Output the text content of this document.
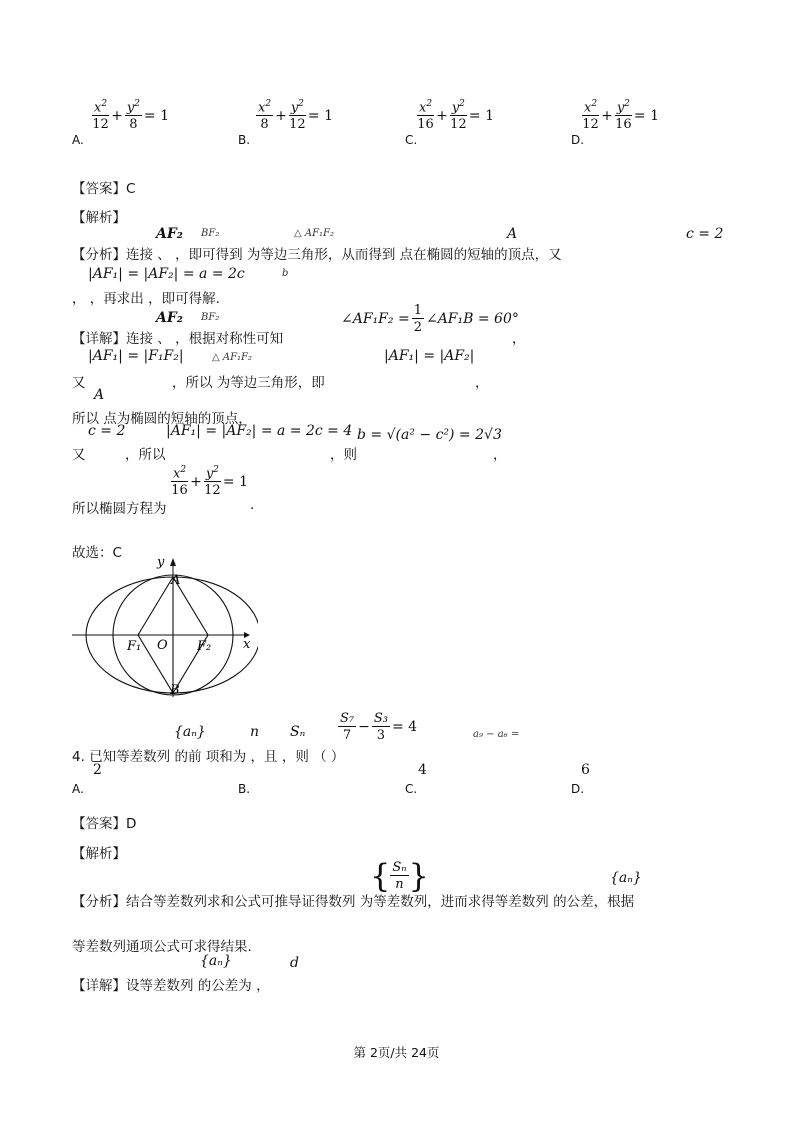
A.
$\frac{x^2}{12} + \frac{y^2}{8} = 1$
B.
$\frac{x^2}{8} + \frac{y^2}{12} = 1$
C.
$\frac{x^2}{16} + \frac{y^2}{12} = 1$
D.
$\frac{x^2}{12} + \frac{y^2}{16} = 1$
【答案】C
【解析】
AF₂ BF₂	△ AF₁F₂	A	c = 2
【分析】连接 、 ，即可得到 为等边三角形，从而得到 点在椭圆的短轴的顶点，又
|AF₁| = |AF₂| = a = 2c	b
， ，再求出 ，即可得解.
AF₂ BF₂	∠AF₁F₂ = $\frac{1}{2}$ ∠AF₁B = 60°
【详解】连接 、 ，根据对称性可知	，
|AF₁| = |F₁F₂|	△ AF₁F₂	|AF₁| = |AF₂|
又	，所以 为等边三角形，即	，
A
所以 点为椭圆的短轴的顶点，
c = 2	|AF₁| = |AF₂| = a = 2c = 4 b = √(a² − c²) = 2√3
又	，所以	，则	，
所以椭圆方程为
$\frac{x^2}{16} + \frac{y^2}{12} = 1$
.
故选：C
y
x
A
B
O
F₁	F₂
{aₙ}	n Sₙ	$\frac{\text{S₇}}{7} - \frac{\text{S₃}}{3} = 4$	a₉ − a₆ =
4. 已知等差数列 的前 项和为 ，且 ，则 （ ）
A.
2
B.	C.
4
D.
6
【答案】D
【解析】
{ $\frac{\text{Sₙ}}{n}$ }	{aₙ}
【分析】结合等差数列求和公式可推导证得数列 为等差数列，进而求得等差数列 的公差，根据
等差数列通项公式可求得结果.
{aₙ}	d
【详解】设等差数列 的公差为 ，
第 2页/共 24页
